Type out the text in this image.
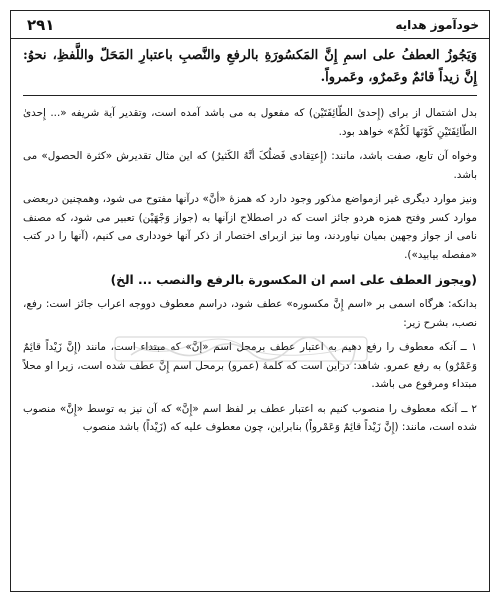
۲۹۱	خودآموز هدایه

وَیَجُوزُ العطفُ علی اسمِ إِنَّ المَکسُورَةِ بالرفعِ والنَّصبِ باعتبارِ المَحَلّ واللَّفظِ، نحوُ: إِنَّ زیداً قائمٌ وعَمرٌو، وعَمرواً.

بدل اشتمال از برای (إِحدیٰ الطّائِفَتَیْن) که مفعول به می باشد آمده است، وتقدیر آیة شریفه «... إِحدیٰ الطّائِفَتَیْنِ کَوْنَها لَکُمْ» خواهد بود.

وخواه آن تابع، صفت باشد، مانند: (إِعتِقادی فَضلُکَ أنَّهُ الکَثیرُ) که این مثال تقدیرش «کثرة الحصول» می باشد.

ونیز موارد دیگری غیر ازمواضع مذکور وجود دارد که همزهٔ «أنَّ» درآنها مفتوح می شود، وهمچنین دربعضی موارد کسر وفتح همزه هردو جائز است که در اصطلاح ازآنها به (جواز وَجْهَیْن) تعبیر می شود، که مصنف نامی از جواز وجهین بمیان نیاوردند، وما نیز ازبرای اختصار از ذکر آنها خودداری می کنیم، (آنها را در کتب «مفصله بیابید»).

(ویجوز العطف علی اسم ان المکسورة بالرفع والنصب ... الخ)

بدانکه: هرگاه اسمی بر «اسم إِنَّ مکسوره» عطف شود، دراسم معطوف دووجه اعراب جائز است: رفع، نصب، بشرح زیر:

۱ ــ آنکه معطوف را رفع دهیم به اعتبار عطف برمحل اسم «إنَّ» که مبتداء است، مانند (إِنَّ زَیْداً قائِمٌ وَعَمْرٌو) به رفع عمرو. شاهد: دراین است که کلمهٔ (عمرو) برمحل اسم إِنَّ عطف شده است، زیرا او محلاً مبتداء ومرفوع می باشد.

۲ ــ آنکه معطوف را منصوب کنیم به اعتبار عطف بر لفظ اسم «إِنَّ» که آن نیز به توسط «إِنَّ» منصوب شده است، مانند: (إِنَّ زَیْداً قائِمٌ وَعَمْرواً) بنابراین، چون معطوف علیه که (زَیْداً) باشد منصوب
